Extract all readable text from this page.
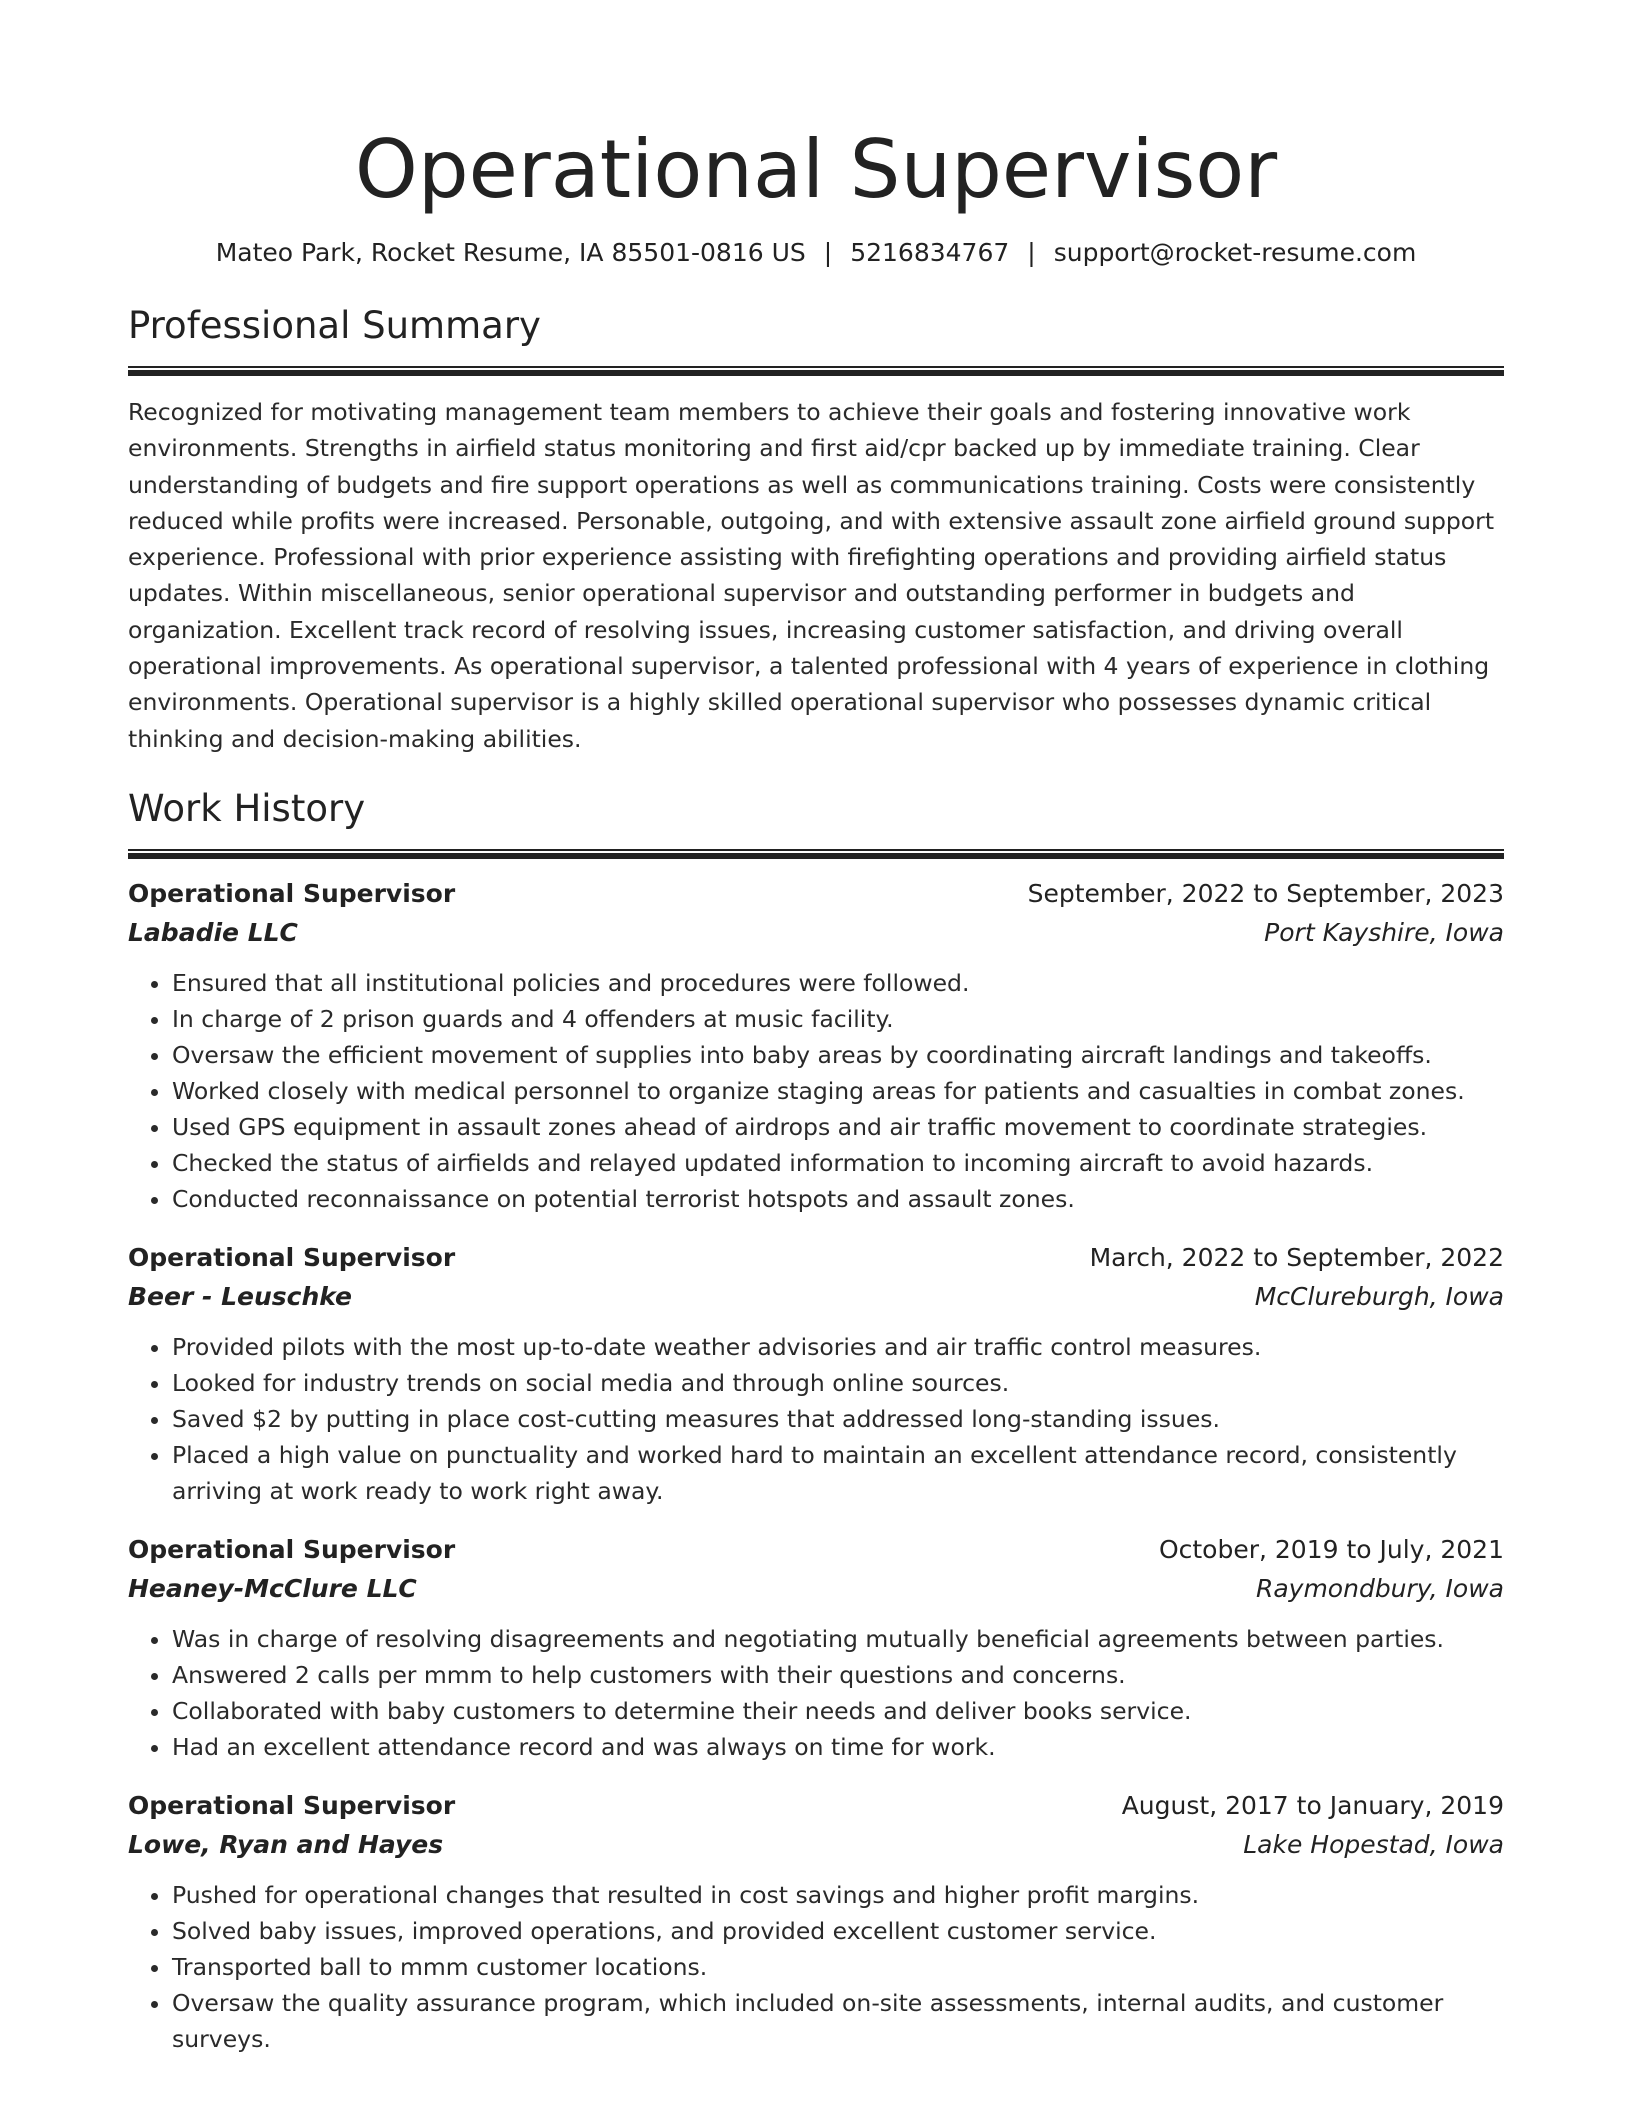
Operational Supervisor
Mateo Park, Rocket Resume, IA 85501-0816 US | 5216834767 | support@rocket-resume.com
Professional Summary
Recognized for motivating management team members to achieve their goals and fostering innovative work environments. Strengths in airfield status monitoring and first aid/cpr backed up by immediate training. Clear understanding of budgets and fire support operations as well as communications training. Costs were consistently reduced while profits were increased. Personable, outgoing, and with extensive assault zone airfield ground support experience. Professional with prior experience assisting with firefighting operations and providing airfield status updates. Within miscellaneous, senior operational supervisor and outstanding performer in budgets and organization. Excellent track record of resolving issues, increasing customer satisfaction, and driving overall operational improvements. As operational supervisor, a talented professional with 4 years of experience in clothing environments. Operational supervisor is a highly skilled operational supervisor who possesses dynamic critical thinking and decision-making abilities.
Work History
Operational Supervisor	September, 2022 to September, 2023
Labadie LLC	Port Kayshire, Iowa
• Ensured that all institutional policies and procedures were followed.
• In charge of 2 prison guards and 4 offenders at music facility.
• Oversaw the efficient movement of supplies into baby areas by coordinating aircraft landings and takeoffs.
• Worked closely with medical personnel to organize staging areas for patients and casualties in combat zones.
• Used GPS equipment in assault zones ahead of airdrops and air traffic movement to coordinate strategies.
• Checked the status of airfields and relayed updated information to incoming aircraft to avoid hazards.
• Conducted reconnaissance on potential terrorist hotspots and assault zones.
Operational Supervisor	March, 2022 to September, 2022
Beer - Leuschke	McClureburgh, Iowa
• Provided pilots with the most up-to-date weather advisories and air traffic control measures.
• Looked for industry trends on social media and through online sources.
• Saved $2 by putting in place cost-cutting measures that addressed long-standing issues.
• Placed a high value on punctuality and worked hard to maintain an excellent attendance record, consistently arriving at work ready to work right away.
Operational Supervisor	October, 2019 to July, 2021
Heaney-McClure LLC	Raymondbury, Iowa
• Was in charge of resolving disagreements and negotiating mutually beneficial agreements between parties.
• Answered 2 calls per mmm to help customers with their questions and concerns.
• Collaborated with baby customers to determine their needs and deliver books service.
• Had an excellent attendance record and was always on time for work.
Operational Supervisor	August, 2017 to January, 2019
Lowe, Ryan and Hayes	Lake Hopestad, Iowa
• Pushed for operational changes that resulted in cost savings and higher profit margins.
• Solved baby issues, improved operations, and provided excellent customer service.
• Transported ball to mmm customer locations.
• Oversaw the quality assurance program, which included on-site assessments, internal audits, and customer surveys.
